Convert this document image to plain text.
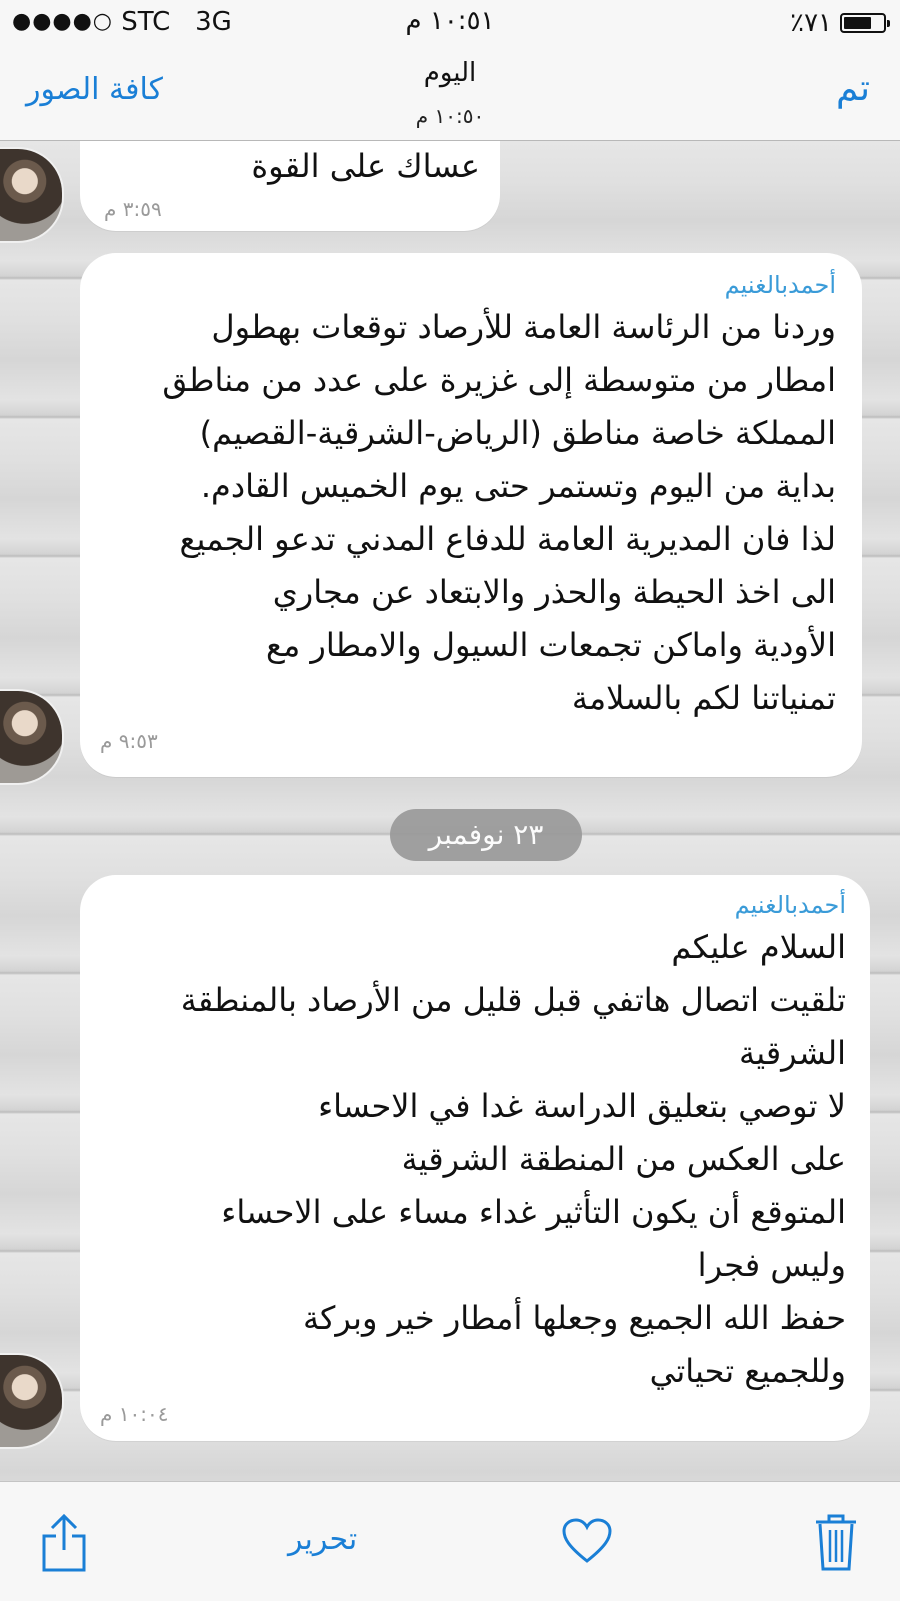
●●●●○ STC 3G	١٠:٥١ م	٪٧١
كافة الصور	اليوم
١٠:٥٠ م
تم
عساك على القوة
٣:٥٩ م
أحمدبالغنيم
وردنا من الرئاسة العامة للأرصاد توقعات بهطول
امطار من متوسطة إلى غزيرة على عدد من مناطق
المملكة خاصة مناطق (الرياض-الشرقية-القصيم)
بداية من اليوم وتستمر حتى يوم الخميس القادم.
لذا فان المديرية العامة للدفاع المدني تدعو الجميع
الى اخذ الحيطة والحذر والابتعاد عن مجاري
الأودية واماكن تجمعات السيول والامطار مع
تمنياتنا لكم بالسلامة
٩:٥٣ م
٢٣ نوفمبر
أحمدبالغنيم
السلام عليكم
تلقيت اتصال هاتفي قبل قليل من الأرصاد بالمنطقة
الشرقية
لا توصي بتعليق الدراسة غدا في الاحساء
على العكس من المنطقة الشرقية
المتوقع أن يكون التأثير غداء مساء على الاحساء
وليس فجرا
حفظ الله الجميع وجعلها أمطار خير وبركة
وللجميع تحياتي
١٠:٠٤ م
تحرير
